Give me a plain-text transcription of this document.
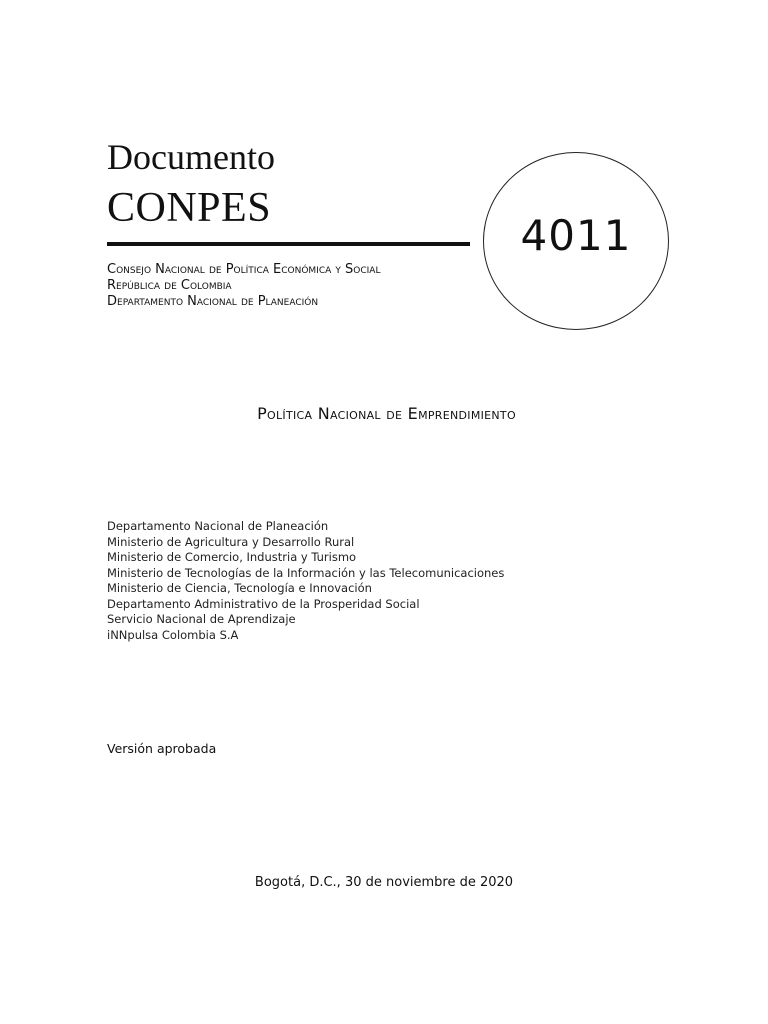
Documento
CONPES
4011
Consejo Nacional de Política Económica y Social
República de Colombia
Departamento Nacional de Planeación
Política Nacional de Emprendimiento
Departamento Nacional de Planeación
Ministerio de Agricultura y Desarrollo Rural
Ministerio de Comercio, Industria y Turismo
Ministerio de Tecnologías de la Información y las Telecomunicaciones
Ministerio de Ciencia, Tecnología e Innovación
Departamento Administrativo de la Prosperidad Social
Servicio Nacional de Aprendizaje
iNNpulsa Colombia S.A
Versión aprobada
Bogotá, D.C., 30 de noviembre de 2020
